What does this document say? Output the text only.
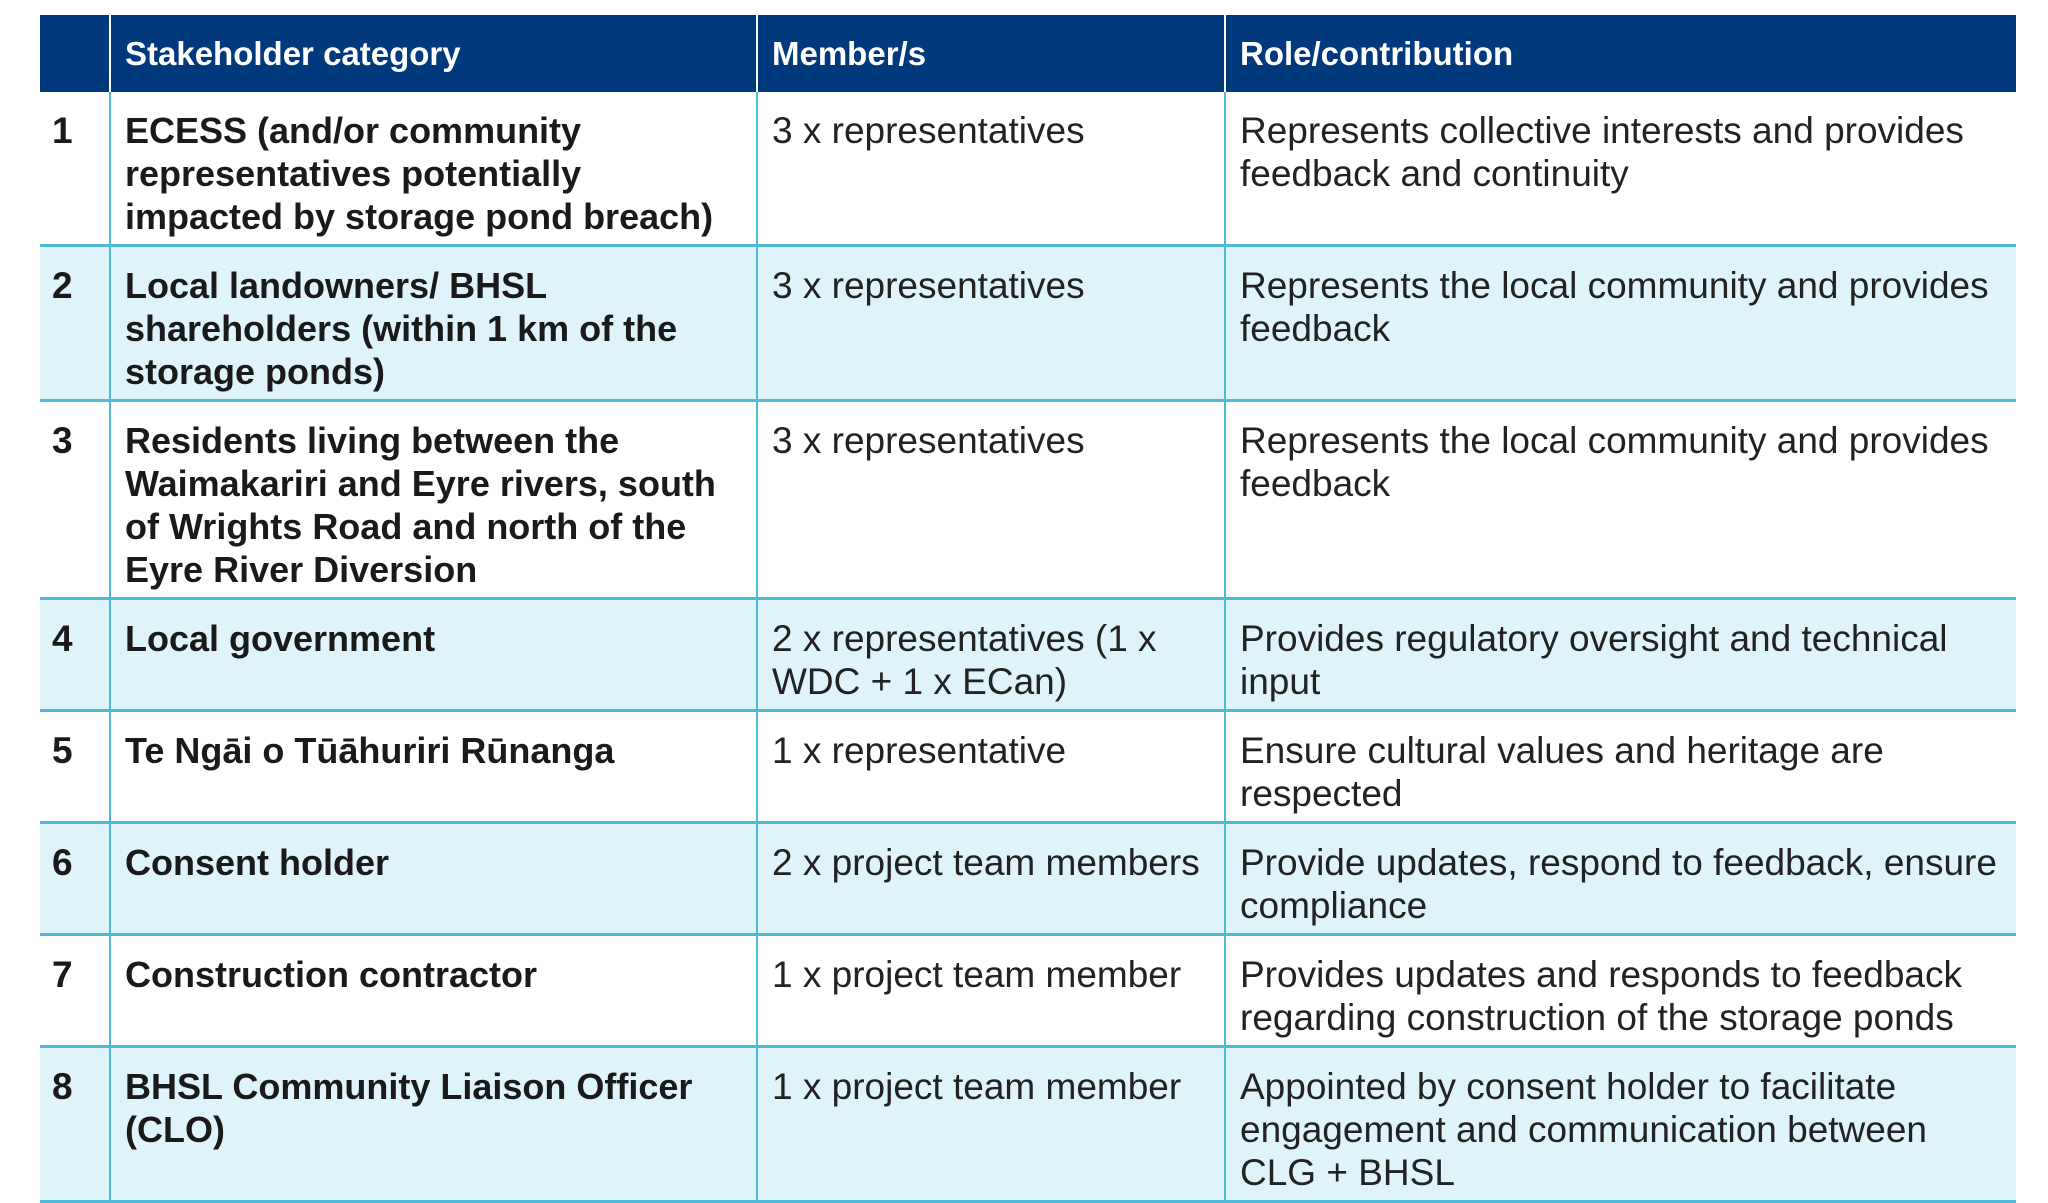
	Stakeholder category	Member/s	Role/contribution
1	ECESS (and/or community representatives potentially impacted by storage pond breach)	3 x representatives	Represents collective interests and provides feedback and continuity
2	Local landowners/ BHSL shareholders (within 1 km of the storage ponds)	3 x representatives	Represents the local community and provides feedback
3	Residents living between the Waimakariri and Eyre rivers, south of Wrights Road and north of the Eyre River Diversion	3 x representatives	Represents the local community and provides feedback
4	Local government	2 x representatives (1 x WDC + 1 x ECan)	Provides regulatory oversight and technical input
5	Te Ngāi o Tūāhuriri Rūnanga	1 x representative	Ensure cultural values and heritage are respected
6	Consent holder	2 x project team members	Provide updates, respond to feedback, ensure compliance
7	Construction contractor	1 x project team member	Provides updates and responds to feedback regarding construction of the storage ponds
8	BHSL Community Liaison Officer (CLO)	1 x project team member	Appointed by consent holder to facilitate engagement and communication between CLG + BHSL
